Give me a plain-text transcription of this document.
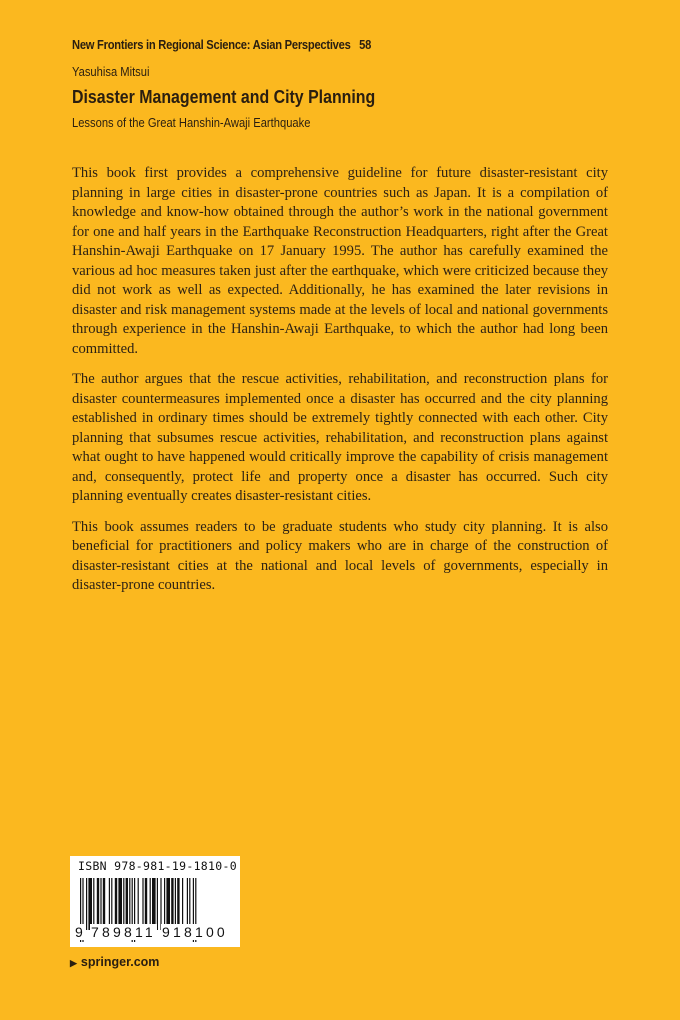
New Frontiers in Regional Science: Asian Perspectives 58
Yasuhisa Mitsui
Disaster Management and City Planning
Lessons of the Great Hanshin-Awaji Earthquake

This book first provides a comprehensive guideline for future disaster-resistant city planning in large cities in disaster-prone countries such as Japan. It is a compilation of knowledge and know-how obtained through the author’s work in the national government for one and half years in the Earthquake Reconstruction Headquarters, right after the Great Hanshin-Awaji Earthquake on 17 January 1995. The author has carefully examined the various ad hoc measures taken just after the earthquake, which were criticized because they did not work as well as expected. Additionally, he has examined the later revisions in disaster and risk management systems made at the levels of local and national governments through experience in the Hanshin-Awaji Earthquake, to which the author had long been committed.

The author argues that the rescue activities, rehabilitation, and reconstruction plans for disaster countermeasures implemented once a disaster has occurred and the city planning established in ordinary times should be extremely tightly connected with each other. City planning that subsumes rescue activities, rehabilitation, and reconstruction plans against what ought to have happened would critically improve the capability of crisis management and, consequently, protect life and property once a disaster has occurred. Such city planning eventually creates disaster-resistant cities.

This book assumes readers to be graduate students who study city planning. It is also beneficial for practitioners and policy makers who are in charge of the construction of disaster-resistant cities at the national and local levels of governments, especially in disaster-prone countries.

ISBN 978-981-19-1810-0
9 789811 918100
▶ springer.com
